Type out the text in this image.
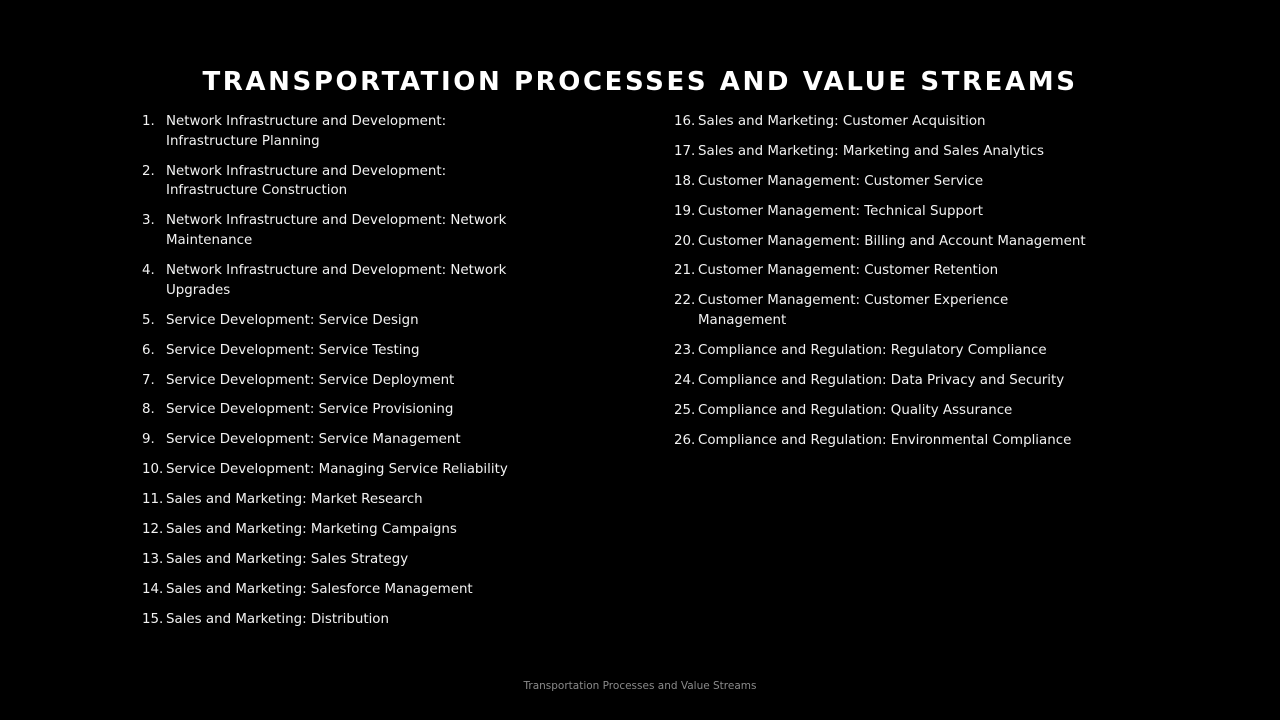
TRANSPORTATION PROCESSES AND VALUE STREAMS
1. Network Infrastructure and Development: Infrastructure Planning
2. Network Infrastructure and Development: Infrastructure Construction
3. Network Infrastructure and Development: Network Maintenance
4. Network Infrastructure and Development: Network Upgrades
5. Service Development: Service Design
6. Service Development: Service Testing
7. Service Development: Service Deployment
8. Service Development: Service Provisioning
9. Service Development: Service Management
10. Service Development: Managing Service Reliability
11. Sales and Marketing: Market Research
12. Sales and Marketing: Marketing Campaigns
13. Sales and Marketing: Sales Strategy
14. Sales and Marketing: Salesforce Management
15. Sales and Marketing: Distribution
16. Sales and Marketing: Customer Acquisition
17. Sales and Marketing: Marketing and Sales Analytics
18. Customer Management: Customer Service
19. Customer Management: Technical Support
20. Customer Management: Billing and Account Management
21. Customer Management: Customer Retention
22. Customer Management: Customer Experience Management
23. Compliance and Regulation: Regulatory Compliance
24. Compliance and Regulation: Data Privacy and Security
25. Compliance and Regulation: Quality Assurance
26. Compliance and Regulation: Environmental Compliance
Transportation Processes and Value Streams
